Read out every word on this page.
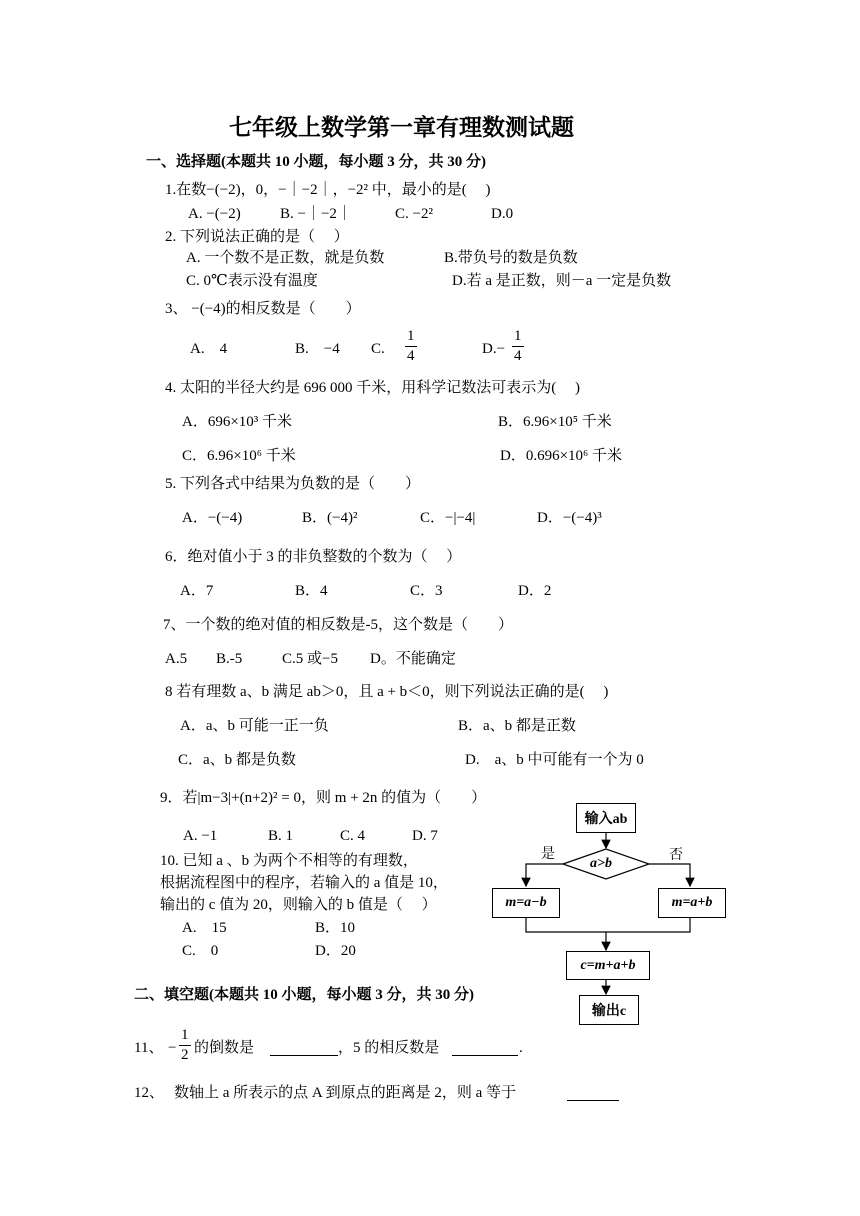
七年级上数学第一章有理数测试题
一、选择题(本题共 10 小题，每小题 3 分，共 30 分)
1.在数−(−2)，0，−｜−2｜，−2² 中，最小的是(　 )
A. −(−2)	B. −｜−2｜	C. −2²	D.0
2. 下列说法正确的是（　 ）
A. 一个数不是正数，就是负数	B.带负号的数是负数
C. 0℃表示没有温度	D.若 a 是正数，则－a 一定是负数
3、 −(−4)的相反数是（　　）
A.　4	B.　−4 C. $\frac{1}{4}$	$D.- \frac{1}{4}$
4. 太阳的半径大约是 696 000 千米，用科学记数法可表示为(　 )
A．696×10³ 千米	B．6.96×10⁵ 千米
C．6.96×10⁶ 千米	D．0.696×10⁶ 千米
5. 下列各式中结果为负数的是（　　）
A．−(−4)	B．(−4)²	C．−|−4|	D．−(−4)³
6．绝对值小于 3 的非负整数的个数为（　 ）
A．7	B．4	C．3	D．2
7、一个数的绝对值的相反数是-5，这个数是（　　）
A.5 B.-5	C.5 或−5 D。不能确定
8 若有理数 a、b 满足 ab＞0，且 a + b＜0，则下列说法正确的是(　 )
A．a、b 可能一正一负	B．a、b 都是正数
C．a、b 都是负数	D.　a、b 中可能有一个为 0
9．若|m−3|+(n+2)² = 0，则 m + 2n 的值为（　　）
A. −1	B. 1	C. 4	D. 7
10. 已知 a 、b 为两个不相等的有理数，
根据流程图中的程序，若输入的 a 值是 10，
输出的 c 值为 20，则输入的 b 值是（　 ）
A.　15	B．10
C.　0	D．20
输入ab
a>b
是	否
m=a−b	m=a+b
c=m+a+b
输出c
二、填空题(本题共 10 小题，每小题 3 分，共 30 分)
11、 − $\frac{1}{2}$ 的倒数是	，5 的相反数是	.
12、 数轴上 a 所表示的点 A 到原点的距离是 2，则 a 等于
